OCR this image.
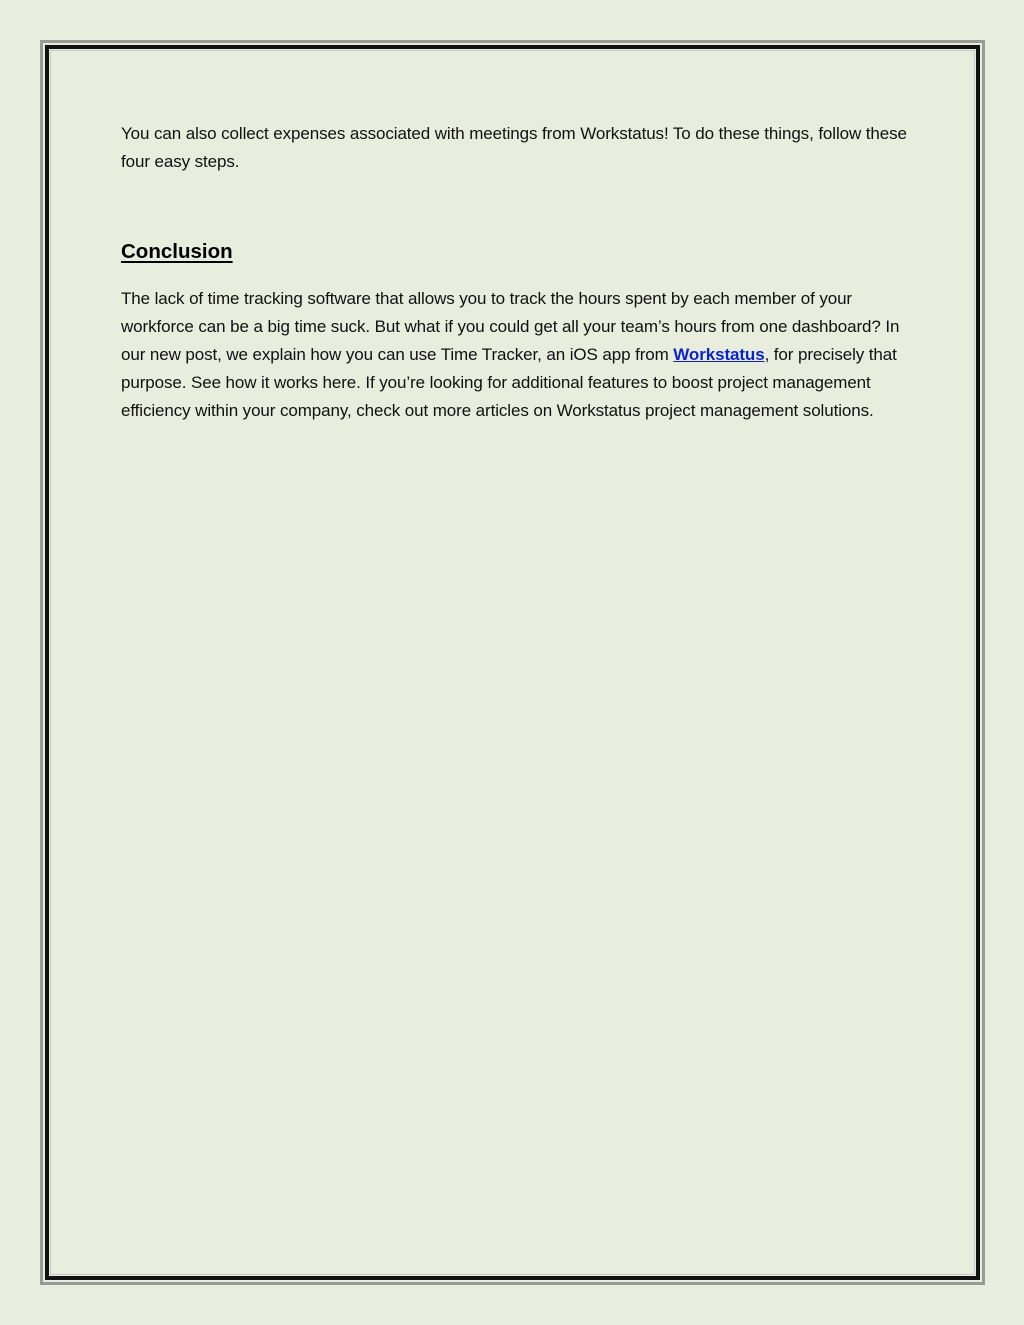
You can also collect expenses associated with meetings from Workstatus! To do these things, follow these four easy steps.

Conclusion

The lack of time tracking software that allows you to track the hours spent by each member of your workforce can be a big time suck. But what if you could get all your team’s hours from one dashboard? In our new post, we explain how you can use Time Tracker, an iOS app from Workstatus, for precisely that purpose. See how it works here. If you’re looking for additional features to boost project management efficiency within your company, check out more articles on Workstatus project management solutions.
